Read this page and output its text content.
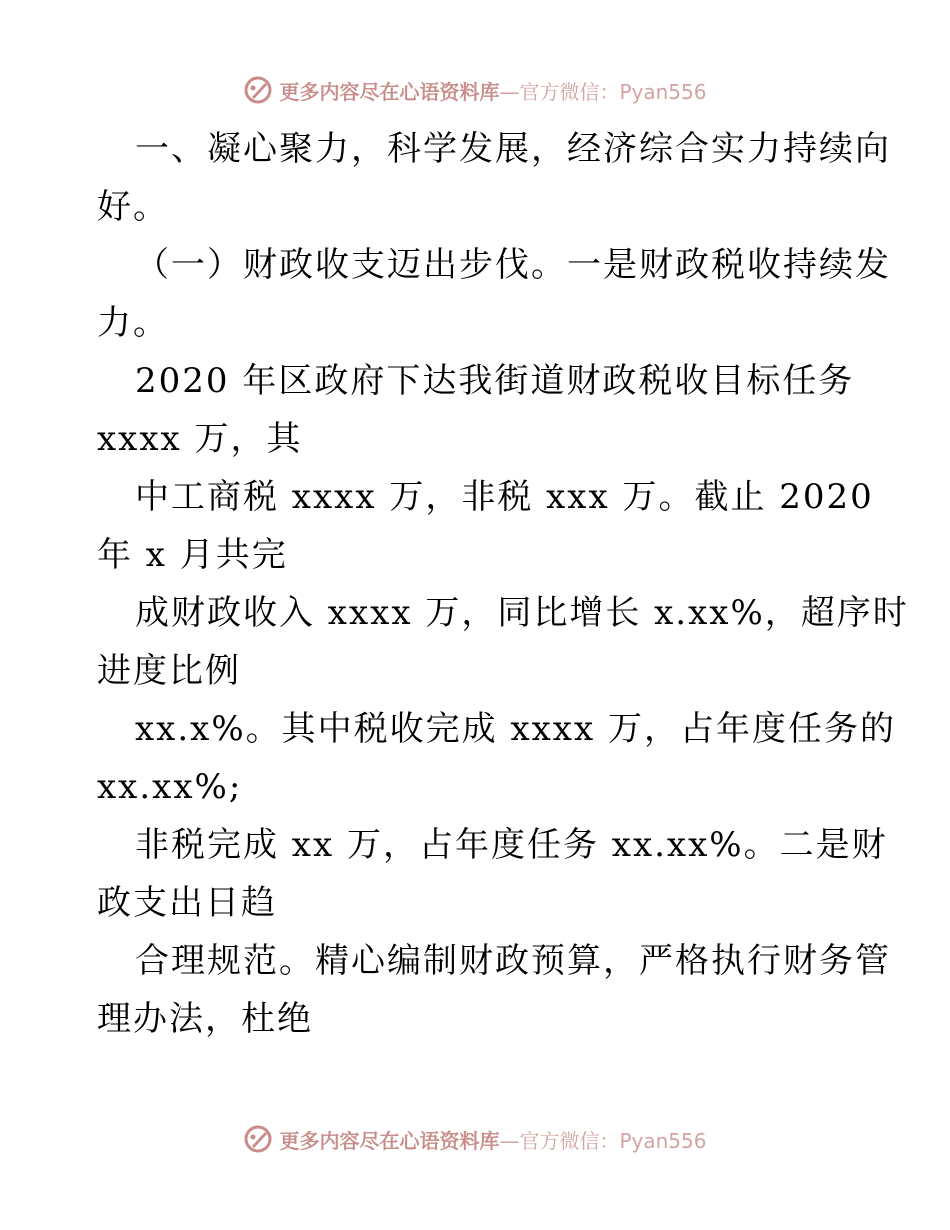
更多内容尽在心语资料库—官方微信：Pyan556
一、凝心聚力，科学发展，经济综合实力持续向
好。
（一）财政收支迈出步伐。一是财政税收持续发
力。
2020 年区政府下达我街道财政税收目标任务
xxxx 万，其
中工商税 xxxx 万，非税 xxx 万。截止 2020
年 x 月共完
成财政收入 xxxx 万，同比增长 x.xx%，超序时
进度比例
xx.x%。其中税收完成 xxxx 万，占年度任务的
xx.xx%;
非税完成 xx 万，占年度任务 xx.xx%。二是财
政支出日趋
合理规范。精心编制财政预算，严格执行财务管
理办法，杜绝
更多内容尽在心语资料库—官方微信：Pyan556
